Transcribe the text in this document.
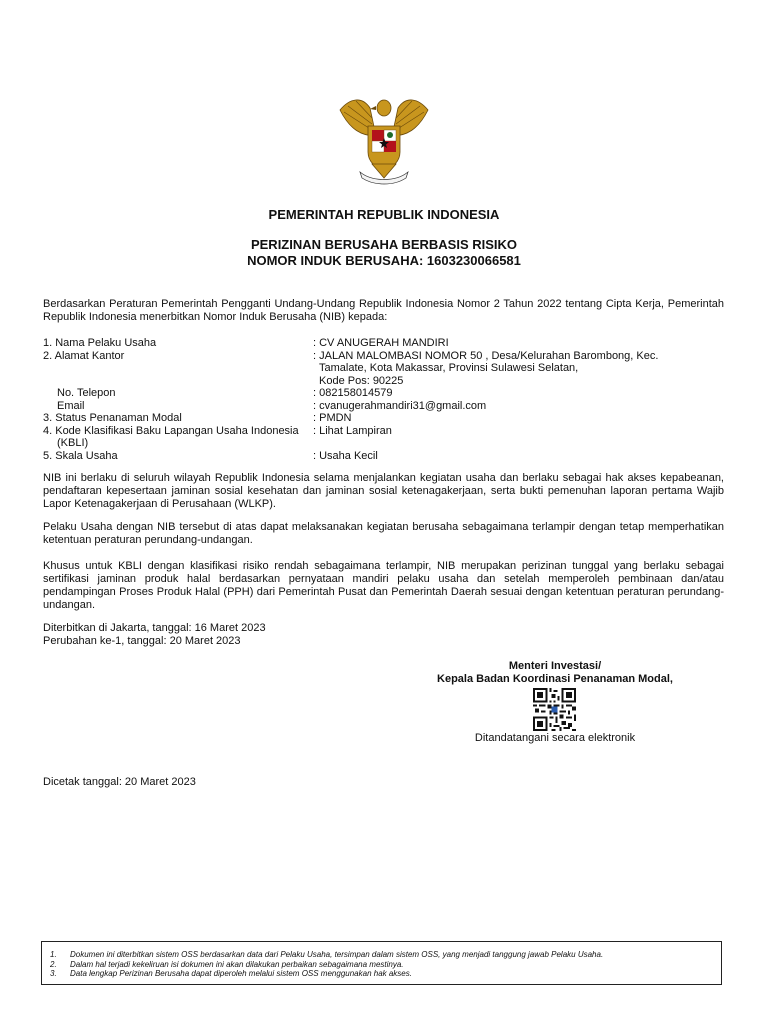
PEMERINTAH REPUBLIK INDONESIA
PERIZINAN BERUSAHA BERBASIS RISIKO
NOMOR INDUK BERUSAHA: 1603230066581

Berdasarkan Peraturan Pemerintah Pengganti Undang-Undang Republik Indonesia Nomor 2 Tahun 2022 tentang Cipta Kerja, Pemerintah Republik Indonesia menerbitkan Nomor Induk Berusaha (NIB) kepada:

1. Nama Pelaku Usaha	: CV ANUGERAH MANDIRI
2. Alamat Kantor	: JALAN MALOMBASI NOMOR 50 , Desa/Kelurahan Barombong, Kec.
Tamalate, Kota Makassar, Provinsi Sulawesi Selatan,
Kode Pos: 90225
No. Telepon	: 082158014579
Email	: cvanugerahmandiri31@gmail.com
3. Status Penanaman Modal	: PMDN
4. Kode Klasifikasi Baku Lapangan Usaha Indonesia
(KBLI)
: Lihat Lampiran
5. Skala Usaha	: Usaha Kecil

NIB ini berlaku di seluruh wilayah Republik Indonesia selama menjalankan kegiatan usaha dan berlaku sebagai hak akses kepabeanan, pendaftaran kepesertaan jaminan sosial kesehatan dan jaminan sosial ketenagakerjaan, serta bukti pemenuhan laporan pertama Wajib Lapor Ketenagakerjaan di Perusahaan (WLKP).

Pelaku Usaha dengan NIB tersebut di atas dapat melaksanakan kegiatan berusaha sebagaimana terlampir dengan tetap memperhatikan ketentuan peraturan perundang-undangan.

Khusus untuk KBLI dengan klasifikasi risiko rendah sebagaimana terlampir, NIB merupakan perizinan tunggal yang berlaku sebagai sertifikasi jaminan produk halal berdasarkan pernyataan mandiri pelaku usaha dan setelah memperoleh pembinaan dan/atau pendampingan Proses Produk Halal (PPH) dari Pemerintah Pusat dan Pemerintah Daerah sesuai dengan ketentuan peraturan perundang-undangan.

Diterbitkan di Jakarta, tanggal: 16 Maret 2023
Perubahan ke-1, tanggal: 20 Maret 2023
Menteri Investasi/
Kepala Badan Koordinasi Penanaman Modal,
Ditandatangani secara elektronik
Dicetak tanggal: 20 Maret 2023
1.	Dokumen ini diterbitkan sistem OSS berdasarkan data dari Pelaku Usaha, tersimpan dalam sistem OSS, yang menjadi tanggung jawab Pelaku Usaha.
2.	Dalam hal terjadi kekeliruan isi dokumen ini akan dilakukan perbaikan sebagaimana mestinya.
3.	Data lengkap Perizinan Berusaha dapat diperoleh melalui sistem OSS menggunakan hak akses.
